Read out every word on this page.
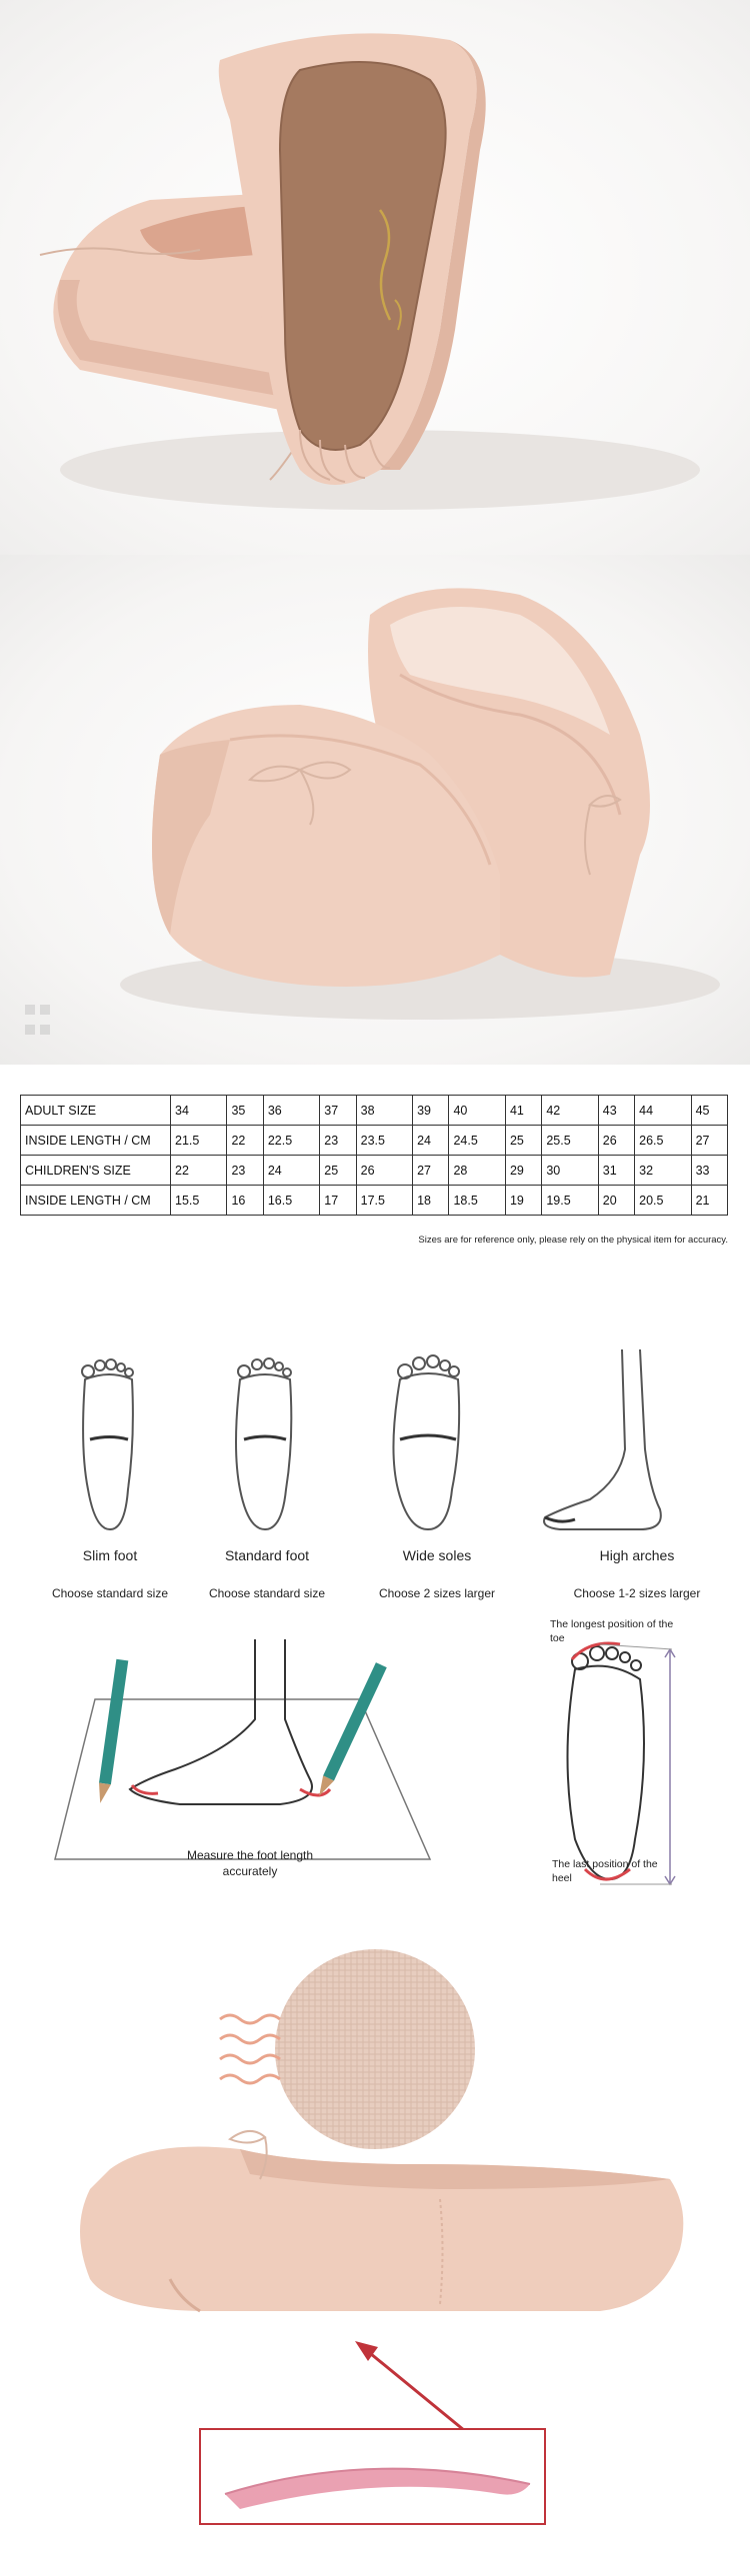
ADULT SIZE	34	35	36	37	38	39	40	41	42	43	44	45
INSIDE LENGTH / CM	21.5	22	22.5	23	23.5	24	24.5	25	25.5	26	26.5	27
CHILDREN'S SIZE	22	23	24	25	26	27	28	29	30	31	32	33
INSIDE LENGTH / CM	15.5	16	16.5	17	17.5	18	18.5	19	19.5	20	20.5	21
Sizes are for reference only, please rely on the physical item for accuracy.
Slim foot
Choose standard size
Standard foot
Choose standard size
Wide soles
Choose 2 sizes larger
High arches
Choose 1-2 sizes larger
Measure the foot length accurately
The longest position of the toe
The last position of the heel
